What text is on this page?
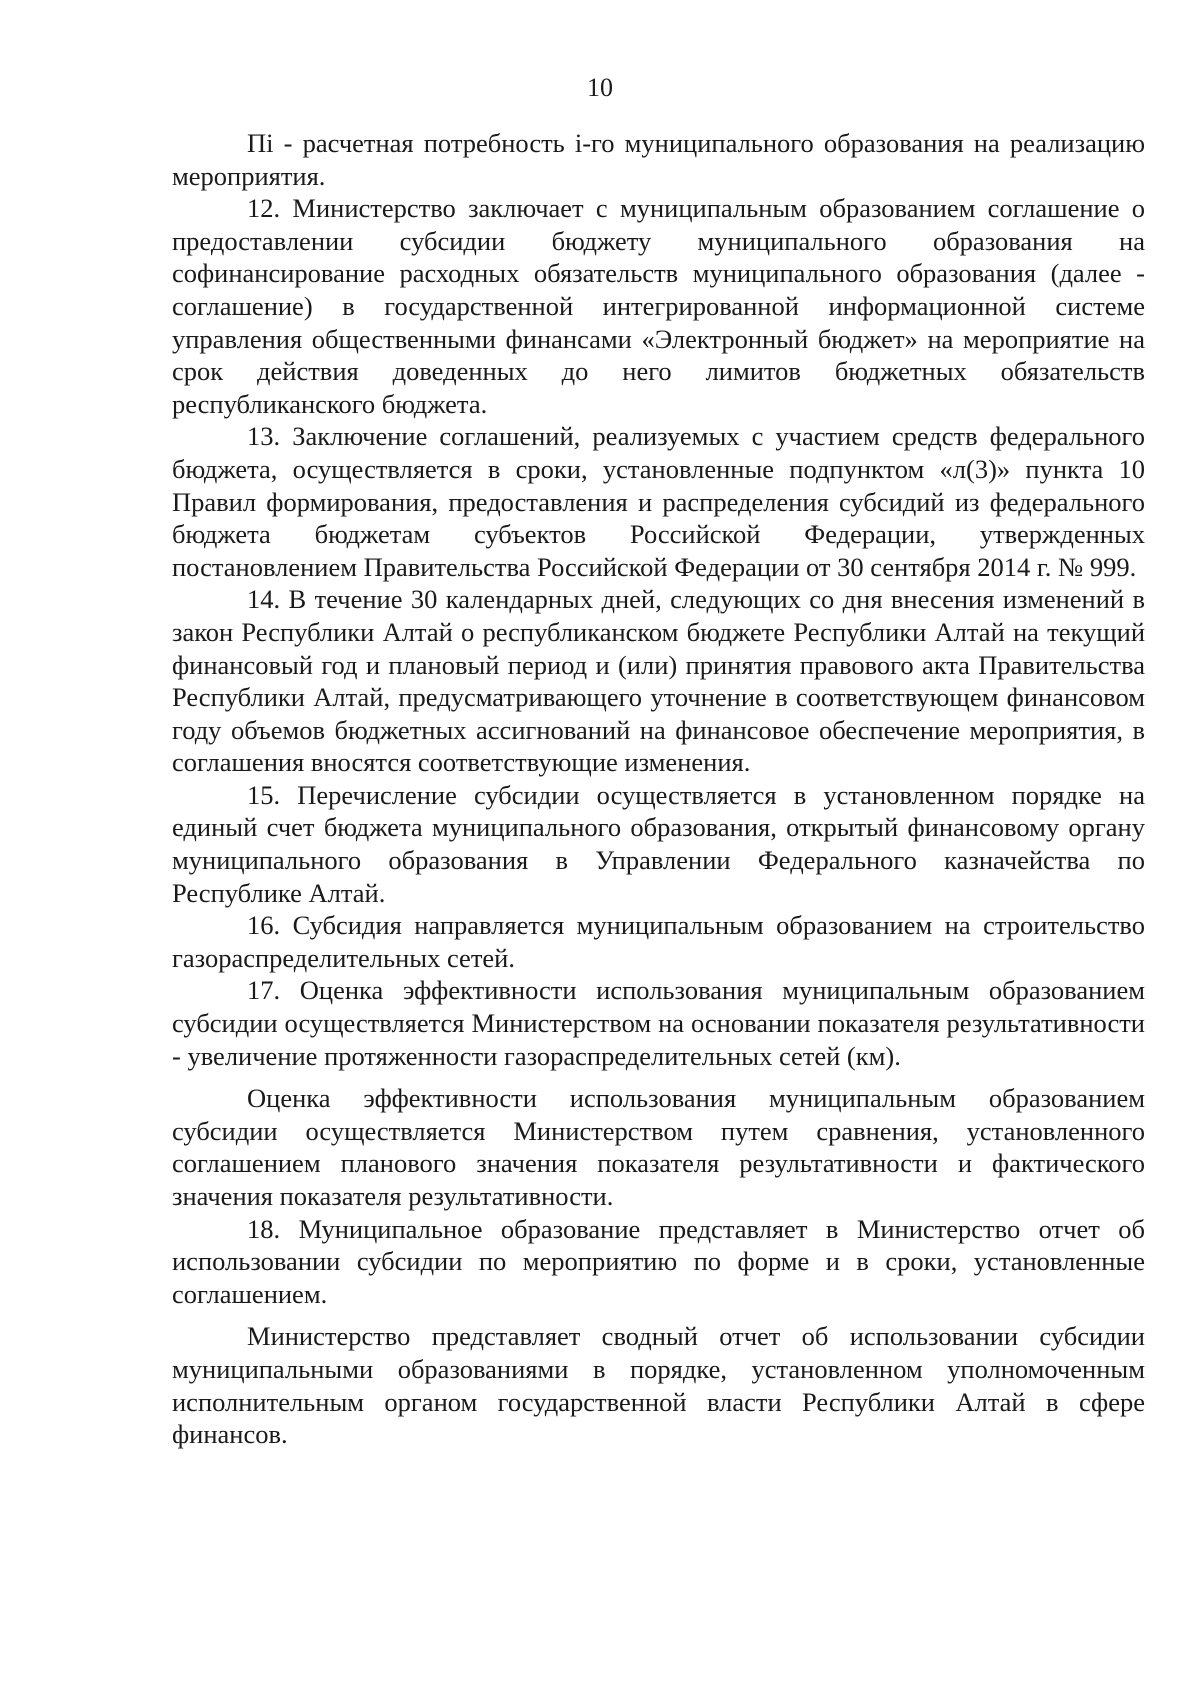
10

Пi - расчетная потребность i-го муниципального образования на реализацию мероприятия.

12. Министерство заключает с муниципальным образованием соглашение о предоставлении субсидии бюджету муниципального образования на софинансирование расходных обязательств муниципального образования (далее - соглашение) в государственной интегрированной информационной системе управления общественными финансами «Электронный бюджет» на мероприятие на срок действия доведенных до него лимитов бюджетных обязательств республиканского бюджета.

13. Заключение соглашений, реализуемых с участием средств федерального бюджета, осуществляется в сроки, установленные подпунктом «л(3)» пункта 10 Правил формирования, предоставления и распределения субсидий из федерального бюджета бюджетам субъектов Российской Федерации, утвержденных постановлением Правительства Российской Федерации от 30 сентября 2014 г. № 999.

14. В течение 30 календарных дней, следующих со дня внесения изменений в закон Республики Алтай о республиканском бюджете Республики Алтай на текущий финансовый год и плановый период и (или) принятия правового акта Правительства Республики Алтай, предусматривающего уточнение в соответствующем финансовом году объемов бюджетных ассигнований на финансовое обеспечение мероприятия, в соглашения вносятся соответствующие изменения.

15. Перечисление субсидии осуществляется в установленном порядке на единый счет бюджета муниципального образования, открытый финансовому органу муниципального образования в Управлении Федерального казначейства по Республике Алтай.

16. Субсидия направляется муниципальным образованием на строительство газораспределительных сетей.

17. Оценка эффективности использования муниципальным образованием субсидии осуществляется Министерством на основании показателя результативности - увеличение протяженности газораспределительных сетей (км).

Оценка эффективности использования муниципальным образованием субсидии осуществляется Министерством путем сравнения, установленного соглашением планового значения показателя результативности и фактического значения показателя результативности.

18. Муниципальное образование представляет в Министерство отчет об использовании субсидии по мероприятию по форме и в сроки, установленные соглашением.

Министерство представляет сводный отчет об использовании субсидии муниципальными образованиями в порядке, установленном уполномоченным исполнительным органом государственной власти Республики Алтай в сфере финансов.
